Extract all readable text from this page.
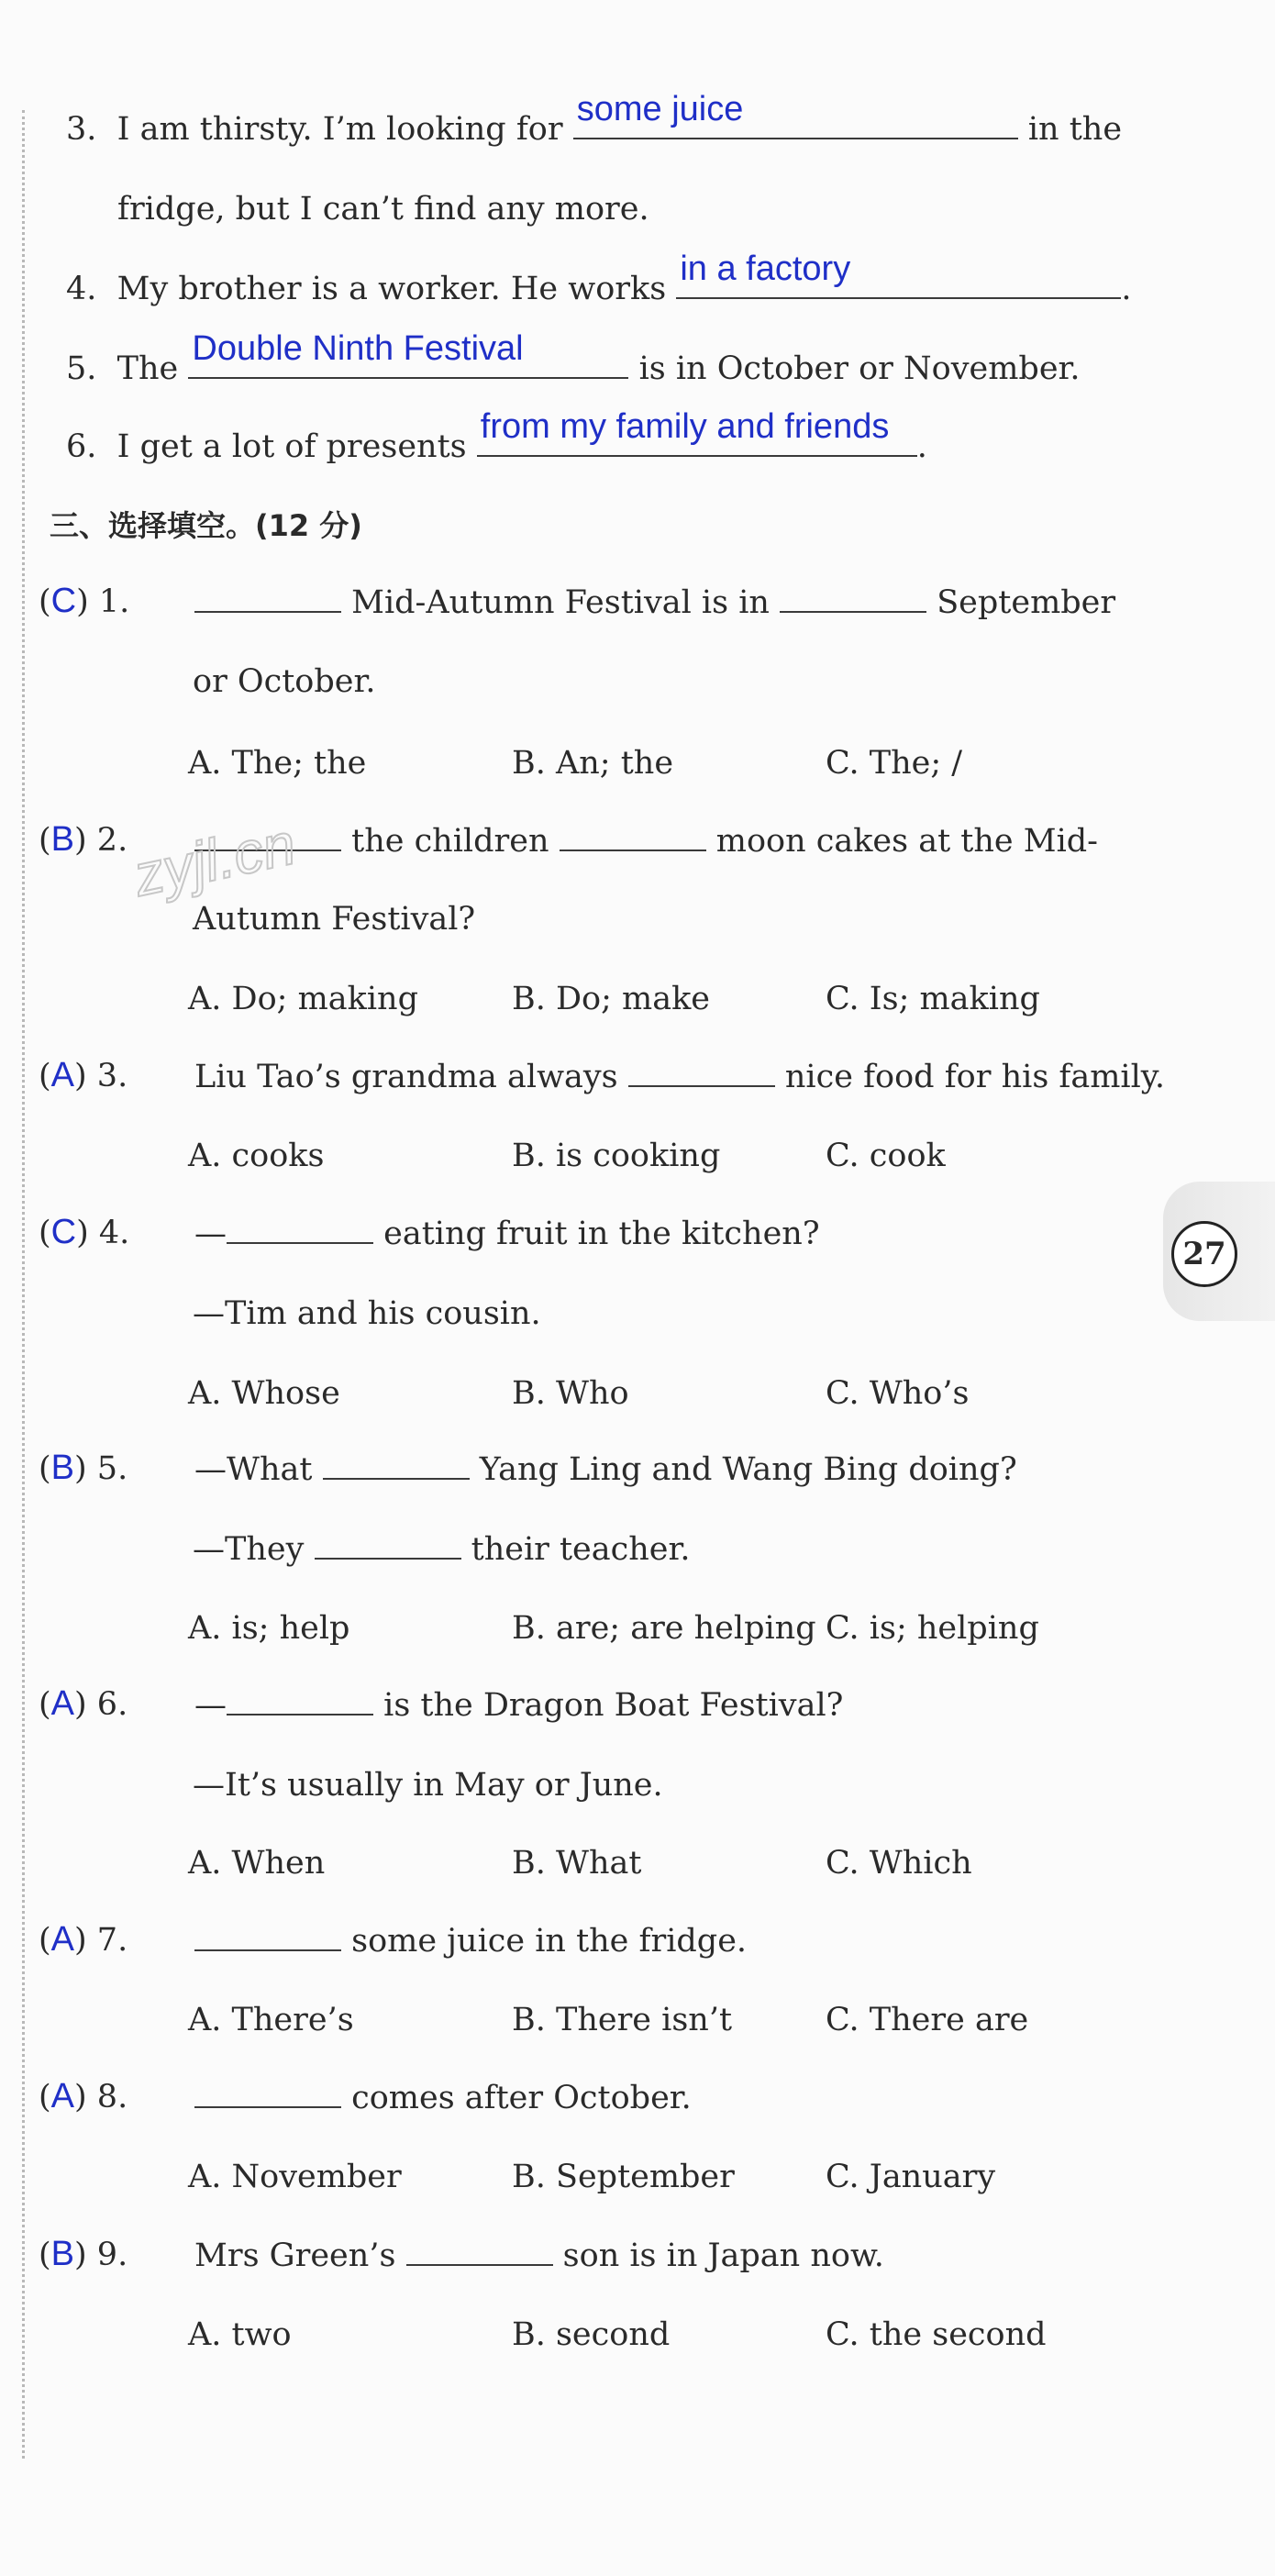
3. I am thirsty. I’m looking for
some juice
in the
fridge, but I can’t find any more.
4. My brother is a worker. He works
in a factory
.
5. The
Double Ninth Festival
is in October or November.
6. I get a lot of presents
from my family and friends
.
三、选择填空。(12 分)
(C) 1.	Mid-Autumn Festival is in	September
or October.
A. The; the	B. An; the	C. The; /
(B) 2.	the children	moon cakes at the Mid-
Autumn Festival?
A. Do; making	B. Do; make	C. Is; making
(A) 3. Liu Tao’s grandma always	nice food for his family.
A. cooks	B. is cooking	C. cook
(C) 4. —	eating fruit in the kitchen?
—Tim and his cousin.
A. Whose	B. Who	C. Who’s
(B) 5. —What	Yang Ling and Wang Bing doing?
—They	their teacher.
A. is; help	B. are; are helping C. is; helping
(A) 6. —	is the Dragon Boat Festival?
—It’s usually in May or June.
A. When	B. What	C. Which
(A) 7.	some juice in the fridge.
A. There’s	B. There isn’t	C. There are
(A) 8.	comes after October.
A. November	B. September	C. January
(B) 9. Mrs Green’s	son is in Japan now.
A. two	B. second	C. the second
zyjl.cn
27
